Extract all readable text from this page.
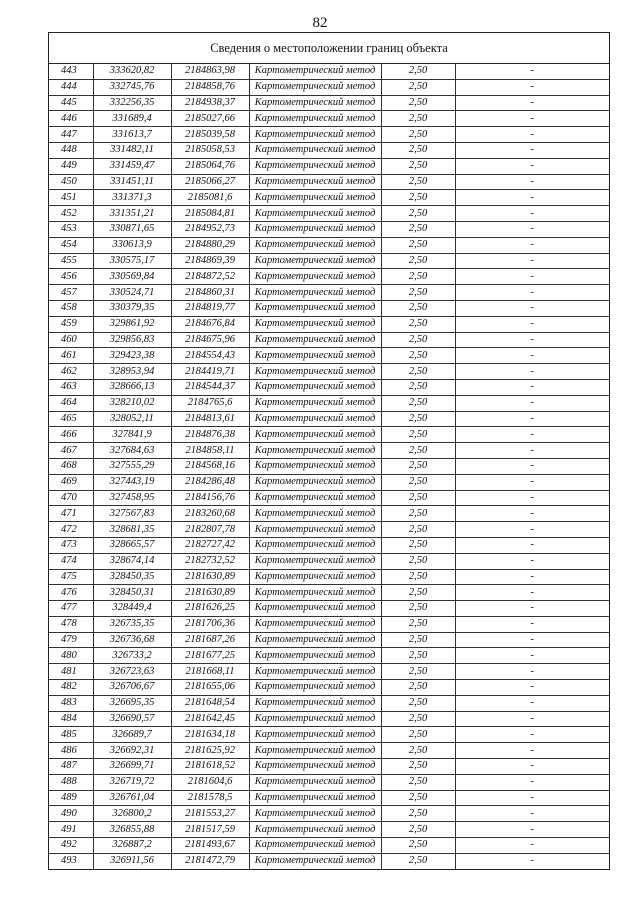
82
Сведения о местоположении границ объекта
443	333620,82	2184863,98	Картометрический метод	2,50	-
444	332745,76	2184858,76	Картометрический метод	2,50	-
445	332256,35	2184938,37	Картометрический метод	2,50	-
446	331689,4	2185027,66	Картометрический метод	2,50	-
447	331613,7	2185039,58	Картометрический метод	2,50	-
448	331482,11	2185058,53	Картометрический метод	2,50	-
449	331459,47	2185064,76	Картометрический метод	2,50	-
450	331451,11	2185066,27	Картометрический метод	2,50	-
451	331371,3	2185081,6	Картометрический метод	2,50	-
452	331351,21	2185084,81	Картометрический метод	2,50	-
453	330871,65	2184952,73	Картометрический метод	2,50	-
454	330613,9	2184880,29	Картометрический метод	2,50	-
455	330575,17	2184869,39	Картометрический метод	2,50	-
456	330569,84	2184872,52	Картометрический метод	2,50	-
457	330524,71	2184860,31	Картометрический метод	2,50	-
458	330379,35	2184819,77	Картометрический метод	2,50	-
459	329861,92	2184676,84	Картометрический метод	2,50	-
460	329856,83	2184675,96	Картометрический метод	2,50	-
461	329423,38	2184554,43	Картометрический метод	2,50	-
462	328953,94	2184419,71	Картометрический метод	2,50	-
463	328666,13	2184544,37	Картометрический метод	2,50	-
464	328210,02	2184765,6	Картометрический метод	2,50	-
465	328052,11	2184813,61	Картометрический метод	2,50	-
466	327841,9	2184876,38	Картометрический метод	2,50	-
467	327684,63	2184858,11	Картометрический метод	2,50	-
468	327555,29	2184568,16	Картометрический метод	2,50	-
469	327443,19	2184286,48	Картометрический метод	2,50	-
470	327458,95	2184156,76	Картометрический метод	2,50	-
471	327567,83	2183260,68	Картометрический метод	2,50	-
472	328681,35	2182807,78	Картометрический метод	2,50	-
473	328665,57	2182727,42	Картометрический метод	2,50	-
474	328674,14	2182732,52	Картометрический метод	2,50	-
475	328450,35	2181630,89	Картометрический метод	2,50	-
476	328450,31	2181630,89	Картометрический метод	2,50	-
477	328449,4	2181626,25	Картометрический метод	2,50	-
478	326735,35	2181706,36	Картометрический метод	2,50	-
479	326736,68	2181687,26	Картометрический метод	2,50	-
480	326733,2	2181677,25	Картометрический метод	2,50	-
481	326723,63	2181668,11	Картометрический метод	2,50	-
482	326706,67	2181655,06	Картометрический метод	2,50	-
483	326695,35	2181648,54	Картометрический метод	2,50	-
484	326690,57	2181642,45	Картометрический метод	2,50	-
485	326689,7	2181634,18	Картометрический метод	2,50	-
486	326692,31	2181625,92	Картометрический метод	2,50	-
487	326699,71	2181618,52	Картометрический метод	2,50	-
488	326719,72	2181604,6	Картометрический метод	2,50	-
489	326761,04	2181578,5	Картометрический метод	2,50	-
490	326800,2	2181553,27	Картометрический метод	2,50	-
491	326855,88	2181517,59	Картометрический метод	2,50	-
492	326887,2	2181493,67	Картометрический метод	2,50	-
493	326911,56	2181472,79	Картометрический метод	2,50	-
